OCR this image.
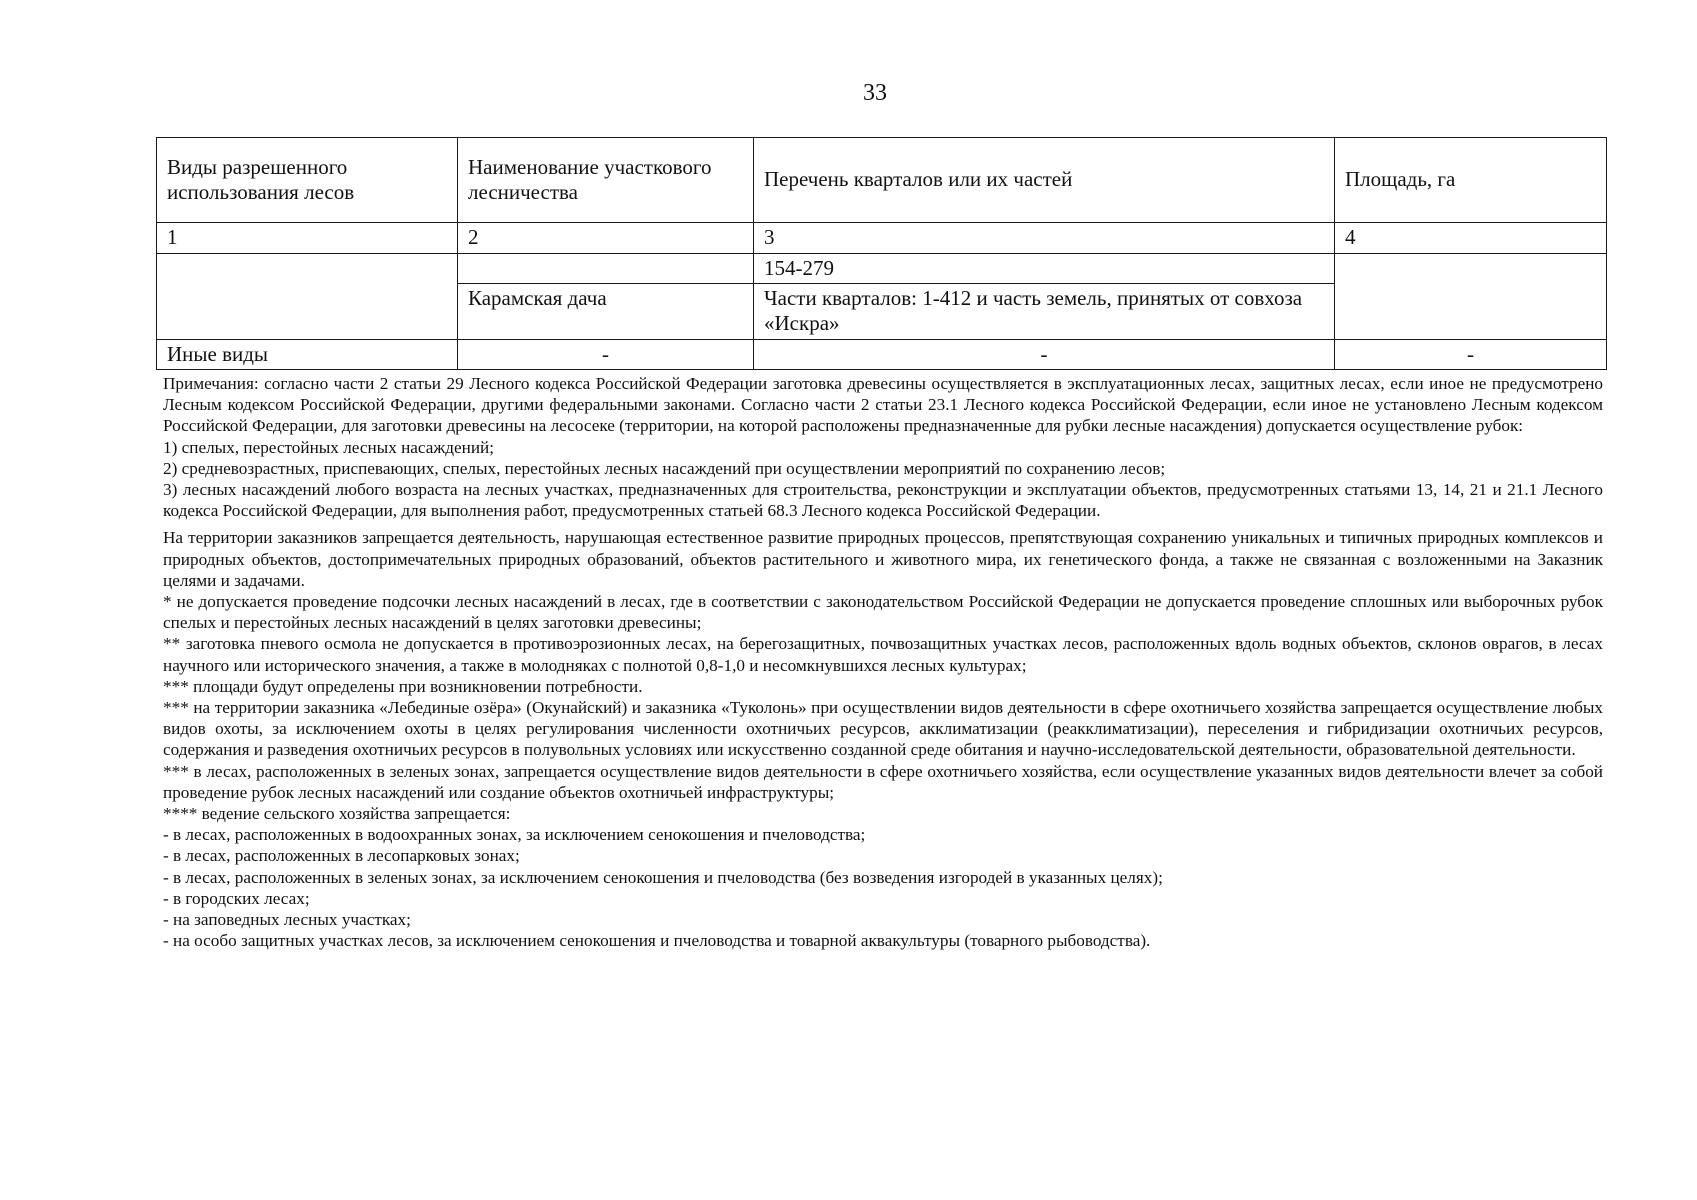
33
Виды разрешенного использования лесов	Наименование участкового лесничества	Перечень кварталов или их частей	Площадь, га
1	2	3	4
		154-279	
	Карамская дача	Части кварталов: 1-412 и часть земель, принятых от совхоза «Искра»	
Иные виды	-	-	-

Примечания: согласно части 2 статьи 29 Лесного кодекса Российской Федерации заготовка древесины осуществляется в эксплуатационных лесах, защитных лесах, если иное не предусмотрено Лесным кодексом Российской Федерации, другими федеральными законами. Согласно части 2 статьи 23.1 Лесного кодекса Российской Федерации, если иное не установлено Лесным кодексом Российской Федерации, для заготовки древесины на лесосеке (территории, на которой расположены предназначенные для рубки лесные насаждения) допускается осуществление рубок:

1) спелых, перестойных лесных насаждений;

2) средневозрастных, приспевающих, спелых, перестойных лесных насаждений при осуществлении мероприятий по сохранению лесов;

3) лесных насаждений любого возраста на лесных участках, предназначенных для строительства, реконструкции и эксплуатации объектов, предусмотренных статьями 13, 14, 21 и 21.1 Лесного кодекса Российской Федерации, для выполнения работ, предусмотренных статьей 68.3 Лесного кодекса Российской Федерации.

На территории заказников запрещается деятельность, нарушающая естественное развитие природных процессов, препятствующая сохранению уникальных и типичных природных комплексов и природных объектов, достопримечательных природных образований, объектов растительного и животного мира, их генетического фонда, а также не связанная с возложенными на Заказник целями и задачами.

* не допускается проведение подсочки лесных насаждений в лесах, где в соответствии с законодательством Российской Федерации не допускается проведение сплошных или выборочных рубок спелых и перестойных лесных насаждений в целях заготовки древесины;

** заготовка пневого осмола не допускается в противоэрозионных лесах, на берегозащитных, почвозащитных участках лесов, расположенных вдоль водных объектов, склонов оврагов, в лесах научного или исторического значения, а также в молодняках с полнотой 0,8-1,0 и несомкнувшихся лесных культурах;

*** площади будут определены при возникновении потребности.

*** на территории заказника «Лебединые озёра» (Окунайский) и заказника «Туколонь» при осуществлении видов деятельности в сфере охотничьего хозяйства запрещается осуществление любых видов охоты, за исключением охоты в целях регулирования численности охотничьих ресурсов, акклиматизации (реакклиматизации), переселения и гибридизации охотничьих ресурсов, содержания и разведения охотничьих ресурсов в полувольных условиях или искусственно созданной среде обитания и научно-исследовательской деятельности, образовательной деятельности.

*** в лесах, расположенных в зеленых зонах, запрещается осуществление видов деятельности в сфере охотничьего хозяйства, если осуществление указанных видов деятельности влечет за собой проведение рубок лесных насаждений или создание объектов охотничьей инфраструктуры;

**** ведение сельского хозяйства запрещается:

- в лесах, расположенных в водоохранных зонах, за исключением сенокошения и пчеловодства;

- в лесах, расположенных в лесопарковых зонах;

- в лесах, расположенных в зеленых зонах, за исключением сенокошения и пчеловодства (без возведения изгородей в указанных целях);

- в городских лесах;

- на заповедных лесных участках;

- на особо защитных участках лесов, за исключением сенокошения и пчеловодства и товарной аквакультуры (товарного рыбоводства).
